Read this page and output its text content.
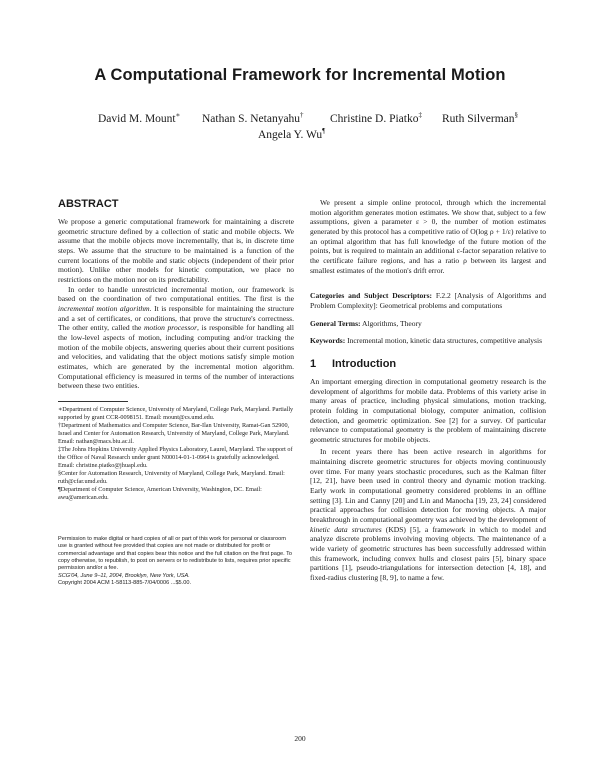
A Computational Framework for Incremental Motion
David M. Mount∗ Nathan S. Netanyahu† Christine D. Piatko‡ Ruth Silverman§
Angela Y. Wu¶
ABSTRACT

We propose a generic computational framework for maintaining a discrete geometric structure defined by a collection of static and mobile objects. We assume that the mobile objects move incrementally, that is, in discrete time steps. We assume that the structure to be maintained is a function of the current locations of the mobile and static objects (independent of their prior motion). Unlike other models for kinetic computation, we place no restrictions on the motion nor on its predictability.

In order to handle unrestricted incremental motion, our framework is based on the coordination of two computational entities. The first is the incremental motion algorithm. It is responsible for maintaining the structure and a set of certificates, or conditions, that prove the structure's correctness. The other entity, called the motion processor, is responsible for handling all the low-level aspects of motion, including computing and/or tracking the motion of the mobile objects, answering queries about their current positions and velocities, and validating that the object motions satisfy simple motion estimates, which are generated by the incremental motion algorithm. Computational efficiency is measured in terms of the number of interactions between these two entities.

∗Department of Computer Science, University of Maryland, College Park, Maryland. Partially supported by grant CCR-0098151. Email: mount@cs.umd.edu.

†Department of Mathematics and Computer Science, Bar-Ilan University, Ramat-Gan 52900, Israel and Center for Automation Research, University of Maryland, College Park, Maryland. Email: nathan@macs.biu.ac.il.

‡The Johns Hopkins University Applied Physics Laboratory, Laurel, Maryland. The support of the Office of Naval Research under grant N00014-01-1-0964 is gratefully acknowledged. Email: christine.piatko@jhuapl.edu.

§Center for Automation Research, University of Maryland, College Park, Maryland. Email: ruth@cfar.umd.edu.

¶Department of Computer Science, American University, Washington, DC. Email: awu@american.edu.

Permission to make digital or hard copies of all or part of this work for personal or classroom use is granted without fee provided that copies are not made or distributed for profit or commercial advantage and that copies bear this notice and the full citation on the first page. To copy otherwise, to republish, to post on servers or to redistribute to lists, requires prior specific permission and/or a fee.

SCG'04, June 9–11, 2004, Brooklyn, New York, USA.

Copyright 2004 ACM 1-58113-885-7/04/0006 ...$5.00.

We present a simple online protocol, through which the incremental motion algorithm generates motion estimates. We show that, subject to a few assumptions, given a parameter ε > 0, the number of motion estimates generated by this protocol has a competitive ratio of O(log ρ + 1/ε) relative to an optimal algorithm that has full knowledge of the future motion of the points, but is required to maintain an additional ε-factor separation relative to the certificate failure regions, and has a ratio ρ between its largest and smallest estimates of the motion's drift error.

Categories and Subject Descriptors: F.2.2 [Analysis of Algorithms and Problem Complexity]: Geometrical problems and computations

General Terms: Algorithms, Theory

Keywords: Incremental motion, kinetic data structures, competitive analysis

1 Introduction

An important emerging direction in computational geometry research is the development of algorithms for mobile data. Problems of this variety arise in many areas of practice, including physical simulations, motion tracking, protein folding in computational biology, computer animation, collision detection, and geometric optimization. See [2] for a survey. Of particular relevance to computational geometry is the problem of maintaining discrete geometric structures for mobile objects.

In recent years there has been active research in algorithms for maintaining discrete geometric structures for objects moving continuously over time. For many years stochastic procedures, such as the Kalman filter [12, 21], have been used in control theory and dynamic motion tracking. Early work in computational geometry considered problems in an offline setting [3]. Lin and Canny [20] and Lin and Manocha [19, 23, 24] considered practical approaches for collision detection for moving objects. A major breakthrough in computational geometry was achieved by the development of kinetic data structures (KDS) [5], a framework in which to model and analyze discrete problems involving moving objects. The maintenance of a wide variety of geometric structures has been successfully addressed within this framework, including convex hulls and closest pairs [5], binary space partitions [1], pseudo-triangulations for intersection detection [4, 18], and fixed-radius clustering [8, 9], to name a few.

200
